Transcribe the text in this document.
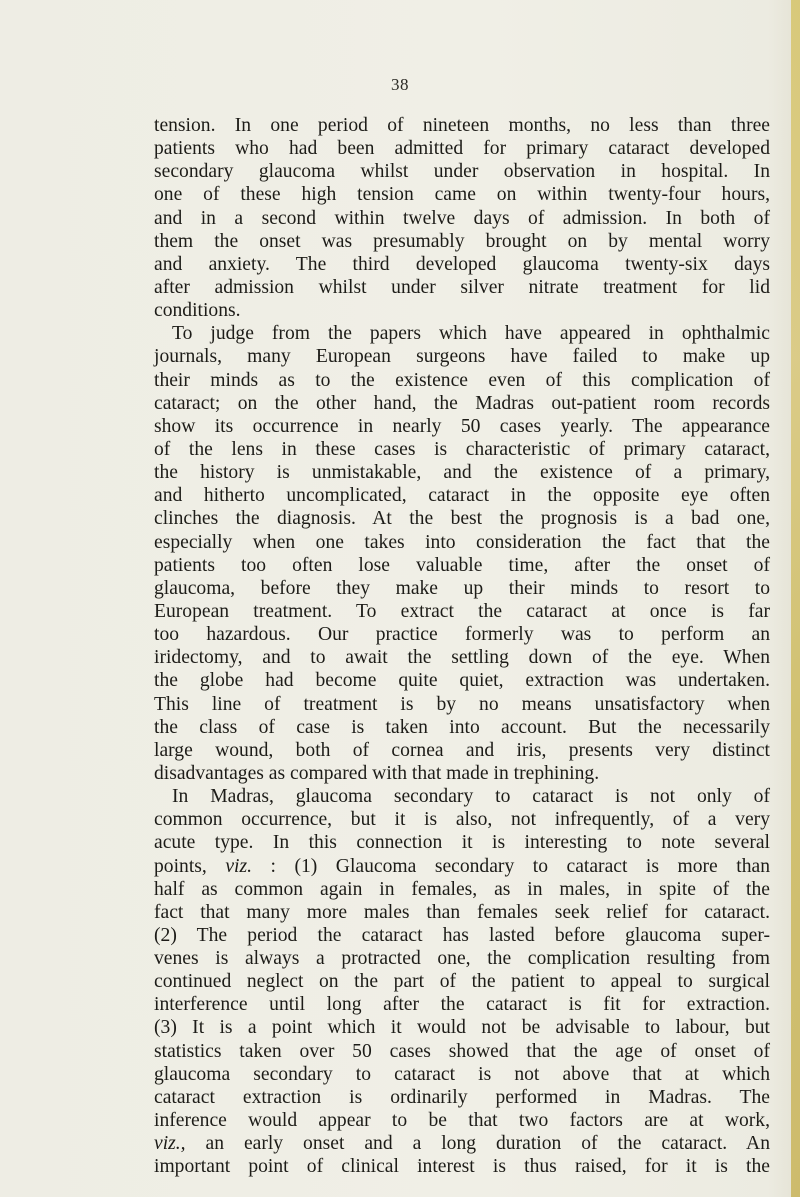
38
tension. In one period of nineteen months, no less than three
patients who had been admitted for primary cataract developed
secondary glaucoma whilst under observation in hospital. In
one of these high tension came on within twenty-four hours,
and in a second within twelve days of admission. In both of
them the onset was presumably brought on by mental worry
and anxiety. The third developed glaucoma twenty-six days
after admission whilst under silver nitrate treatment for lid
conditions.
To judge from the papers which have appeared in ophthalmic
journals, many European surgeons have failed to make up
their minds as to the existence even of this complication of
cataract; on the other hand, the Madras out-patient room records
show its occurrence in nearly 50 cases yearly. The appearance
of the lens in these cases is characteristic of primary cataract,
the history is unmistakable, and the existence of a primary,
and hitherto uncomplicated, cataract in the opposite eye often
clinches the diagnosis. At the best the prognosis is a bad one,
especially when one takes into consideration the fact that the
patients too often lose valuable time, after the onset of
glaucoma, before they make up their minds to resort to
European treatment. To extract the cataract at once is far
too hazardous. Our practice formerly was to perform an
iridectomy, and to await the settling down of the eye. When
the globe had become quite quiet, extraction was undertaken.
This line of treatment is by no means unsatisfactory when
the class of case is taken into account. But the necessarily
large wound, both of cornea and iris, presents very distinct
disadvantages as compared with that made in trephining.
In Madras, glaucoma secondary to cataract is not only of
common occurrence, but it is also, not infrequently, of a very
acute type. In this connection it is interesting to note several
points, viz. : (1) Glaucoma secondary to cataract is more than
half as common again in females, as in males, in spite of the
fact that many more males than females seek relief for cataract.
(2) The period the cataract has lasted before glaucoma super-
venes is always a protracted one, the complication resulting from
continued neglect on the part of the patient to appeal to surgical
interference until long after the cataract is fit for extraction.
(3) It is a point which it would not be advisable to labour, but
statistics taken over 50 cases showed that the age of onset of
glaucoma secondary to cataract is not above that at which
cataract extraction is ordinarily performed in Madras. The
inference would appear to be that two factors are at work,
viz., an early onset and a long duration of the cataract. An
important point of clinical interest is thus raised, for it is the
